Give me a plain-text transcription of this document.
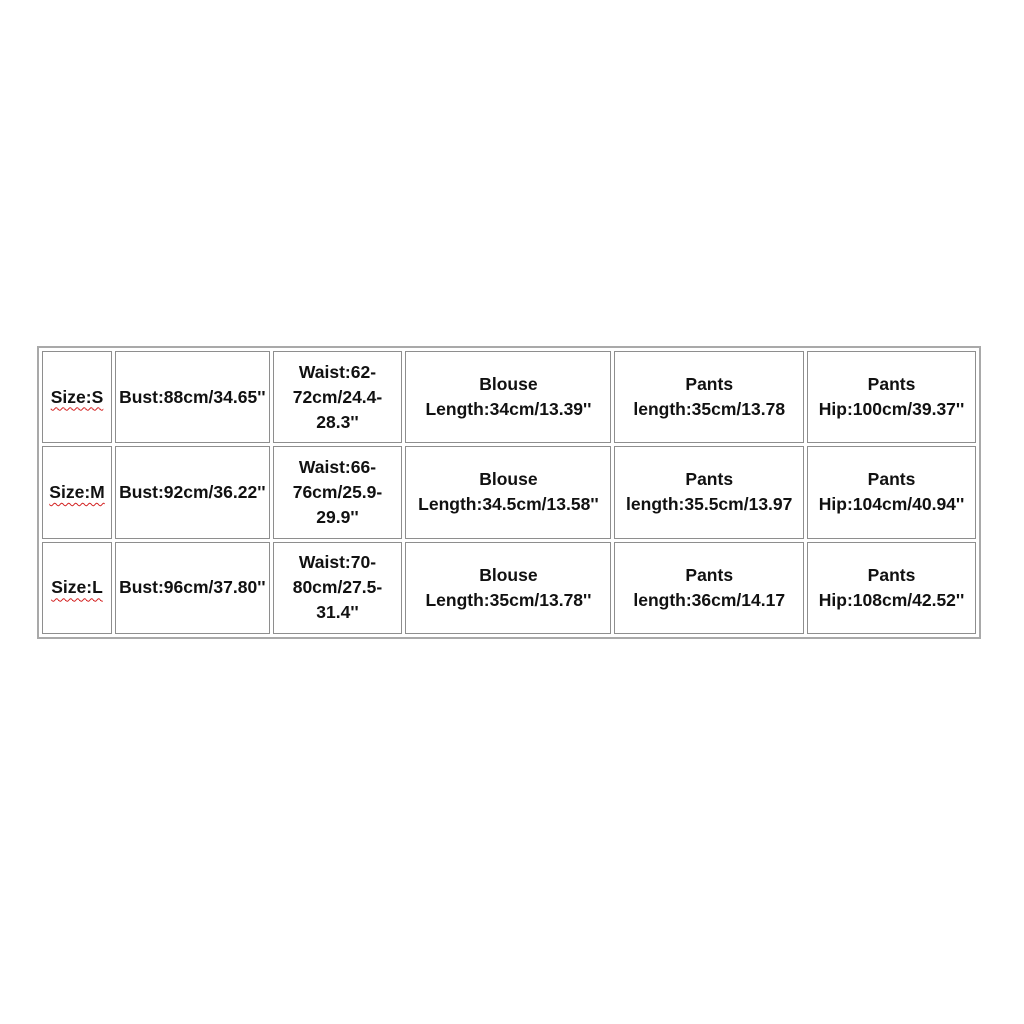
Size:S	Bust:88cm/34.65''	Waist:62-
72cm/24.4-
28.3''	Blouse
Length:34cm/13.39''	Pants
length:35cm/13.78	Pants
Hip:100cm/39.37''

Size:M	Bust:92cm/36.22''	Waist:66-
76cm/25.9-
29.9''	Blouse
Length:34.5cm/13.58''	Pants
length:35.5cm/13.97	Pants
Hip:104cm/40.94''

Size:L	Bust:96cm/37.80''	Waist:70-
80cm/27.5-
31.4''	Blouse
Length:35cm/13.78''	Pants
length:36cm/14.17	Pants
Hip:108cm/42.52''
